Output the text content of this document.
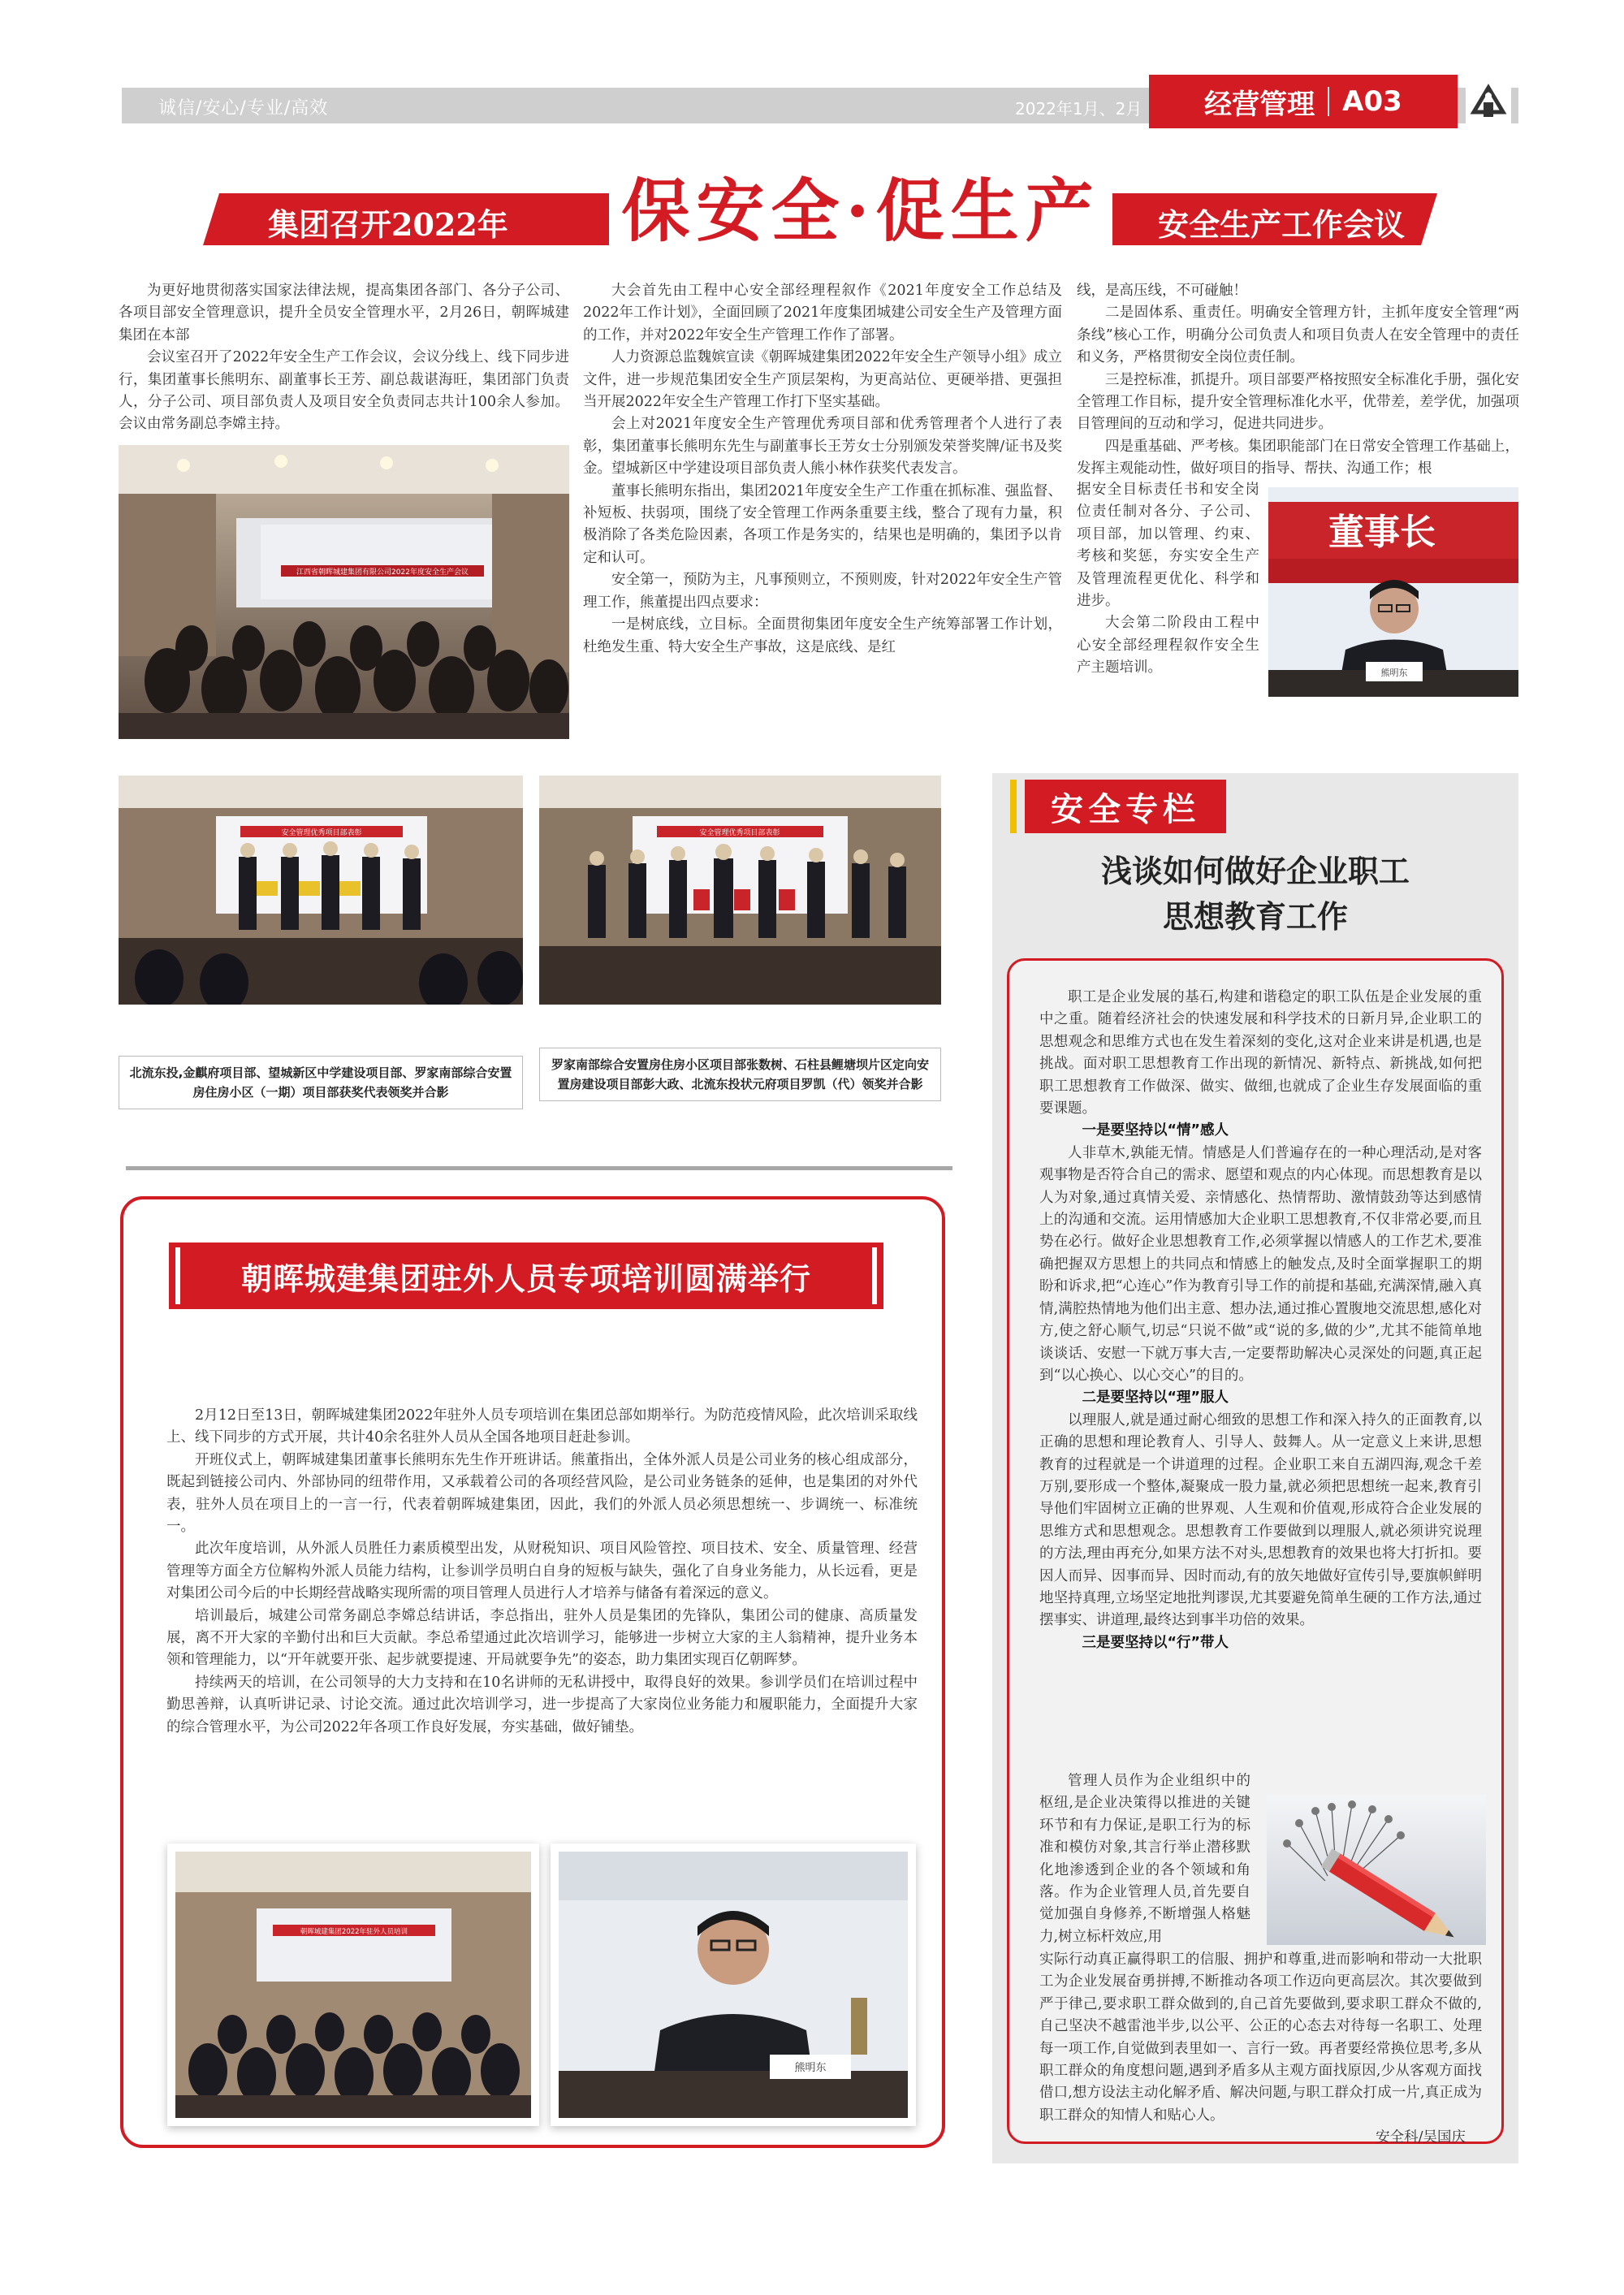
诚信/安心/专业/高效	2022年1月、2月 经营管理 A03
集团召开2022年	安全生产工作会议
保安全·促生产

为更好地贯彻落实国家法律法规，提高集团各部门、各分子公司、各项目部安全管理意识，提升全员安全管理水平，2月26日，朝晖城建集团在本部

会议室召开了2022年安全生产工作会议，会议分线上、线下同步进行，集团董事长熊明东、副董事长王芳、副总裁谌海旺，集团部门负责人，分子公司、项目部负责人及项目安全负责同志共计100余人参加。会议由常务副总李嫦主持。

大会首先由工程中心安全部经理程叙作《2021年度安全工作总结及2022年工作计划》，全面回顾了2021年度集团城建公司安全生产及管理方面的工作，并对2022年安全生产管理工作作了部署。

人力资源总监魏嫔宣读《朝晖城建集团2022年安全生产领导小组》成立文件，进一步规范集团安全生产顶层架构，为更高站位、更硬举措、更强担当开展2022年安全生产管理工作打下坚实基础。

会上对2021年度安全生产管理优秀项目部和优秀管理者个人进行了表彰，集团董事长熊明东先生与副董事长王芳女士分别颁发荣誉奖牌/证书及奖金。望城新区中学建设项目部负责人熊小林作获奖代表发言。

董事长熊明东指出，集团2021年度安全生产工作重在抓标准、强监督、补短板、扶弱项，围绕了安全管理工作两条重要主线，整合了现有力量，积极消除了各类危险因素，各项工作是务实的，结果也是明确的，集团予以肯定和认可。

安全第一，预防为主，凡事预则立，不预则废，针对2022年安全生产管理工作，熊董提出四点要求：

一是树底线，立目标。全面贯彻集团年度安全生产统筹部署工作计划，杜绝发生重、特大安全生产事故，这是底线、是红

线，是高压线，不可碰触！

二是固体系、重责任。明确安全管理方针，主抓年度安全管理“两条线”核心工作，明确分公司负责人和项目负责人在安全管理中的责任和义务，严格贯彻安全岗位责任制。

三是控标准，抓提升。项目部要严格按照安全标准化手册，强化安全管理工作目标，提升安全管理标准化水平，优带差，差学优，加强项目管理间的互动和学习，促进共同进步。

四是重基础、严考核。集团职能部门在日常安全管理工作基础上，发挥主观能动性，做好项目的指导、帮扶、沟通工作；根

据安全目标责任书和安全岗位责任制对各分、子公司、项目部，加以管理、约束、考核和奖惩，夯实安全生产及管理流程更优化、科学和进步。

大会第二阶段由工程中心安全部经理程叙作安全生产主题培训。

江西省朝晖城建集团有限公司2022年度安全生产会议
董事长
熊明东
安全管理优秀项目部表彰	安全管理优秀项目部表彰
北流东投,金麒府项目部、望城新区中学建设项目部、罗家南部综合安置房住房小区（一期）项目部获奖代表领奖并合影
罗家南部综合安置房住房小区项目部张数树、石柱县鲤塘坝片区定向安置房建设项目部彭大政、北流东投状元府项目罗凯（代）领奖并合影
朝晖城建集团驻外人员专项培训圆满举行

2月12日至13日，朝晖城建集团2022年驻外人员专项培训在集团总部如期举行。为防范疫情风险，此次培训采取线上、线下同步的方式开展，共计40余名驻外人员从全国各地项目赶赴参训。

开班仪式上，朝晖城建集团董事长熊明东先生作开班讲话。熊董指出，全体外派人员是公司业务的核心组成部分，既起到链接公司内、外部协同的纽带作用，又承载着公司的各项经营风险，是公司业务链条的延伸，也是集团的对外代表，驻外人员在项目上的一言一行，代表着朝晖城建集团，因此，我们的外派人员必须思想统一、步调统一、标准统一。

此次年度培训，从外派人员胜任力素质模型出发，从财税知识、项目风险管控、项目技术、安全、质量管理、经营管理等方面全方位解构外派人员能力结构，让参训学员明白自身的短板与缺失，强化了自身业务能力，从长远看，更是对集团公司今后的中长期经营战略实现所需的项目管理人员进行人才培养与储备有着深远的意义。

培训最后，城建公司常务副总李嫦总结讲话，李总指出，驻外人员是集团的先锋队，集团公司的健康、高质量发展，离不开大家的辛勤付出和巨大贡献。李总希望通过此次培训学习，能够进一步树立大家的主人翁精神，提升业务本领和管理能力，以“开年就要开张、起步就要提速、开局就要争先”的姿态，助力集团实现百亿朝晖梦。

持续两天的培训，在公司领导的大力支持和在10名讲师的无私讲授中，取得良好的效果。参训学员们在培训过程中勤思善辩，认真听讲记录、讨论交流。通过此次培训学习，进一步提高了大家岗位业务能力和履职能力，全面提升大家的综合管理水平，为公司2022年各项工作良好发展，夯实基础，做好铺垫。

朝晖城建集团2022年驻外人员培训
熊明东
安全专栏
浅谈如何做好企业职工
思想教育工作

职工是企业发展的基石,构建和谐稳定的职工队伍是企业发展的重中之重。随着经济社会的快速发展和科学技术的日新月异,企业职工的思想观念和思维方式也在发生着深刻的变化,这对企业来讲是机遇,也是挑战。面对职工思想教育工作出现的新情况、新特点、新挑战,如何把职工思想教育工作做深、做实、做细,也就成了企业生存发展面临的重要课题。

一是要坚持以“情”感人

人非草木,孰能无情。情感是人们普遍存在的一种心理活动,是对客观事物是否符合自己的需求、愿望和观点的内心体现。而思想教育是以人为对象,通过真情关爱、亲情感化、热情帮助、激情鼓劲等达到感情上的沟通和交流。运用情感加大企业职工思想教育,不仅非常必要,而且势在必行。做好企业思想教育工作,必须掌握以情感人的工作艺术,要准确把握双方思想上的共同点和情感上的触发点,及时全面掌握职工的期盼和诉求,把“心连心”作为教育引导工作的前提和基础,充满深情,融入真情,满腔热情地为他们出主意、想办法,通过推心置腹地交流思想,感化对方,使之舒心顺气,切忌“只说不做”或“说的多,做的少”,尤其不能简单地谈谈话、安慰一下就万事大吉,一定要帮助解决心灵深处的问题,真正起到“以心换心、以心交心”的目的。

二是要坚持以“理”服人

以理服人,就是通过耐心细致的思想工作和深入持久的正面教育,以正确的思想和理论教育人、引导人、鼓舞人。从一定意义上来讲,思想教育的过程就是一个讲道理的过程。企业职工来自五湖四海,观念千差万别,要形成一个整体,凝聚成一股力量,就必须把思想统一起来,教育引导他们牢固树立正确的世界观、人生观和价值观,形成符合企业发展的思维方式和思想观念。思想教育工作要做到以理服人,就必须讲究说理的方法,理由再充分,如果方法不对头,思想教育的效果也将大打折扣。要因人而异、因事而异、因时而动,有的放矢地做好宣传引导,要旗帜鲜明地坚持真理,立场坚定地批判谬误,尤其要避免简单生硬的工作方法,通过摆事实、讲道理,最终达到事半功倍的效果。

三是要坚持以“行”带人

管理人员作为企业组织中的枢纽,是企业决策得以推进的关键环节和有力保证,是职工行为的标准和模仿对象,其言行举止潜移默化地渗透到企业的各个领域和角落。作为企业管理人员,首先要自觉加强自身修养,不断增强人格魅力,树立标杆效应,用

实际行动真正赢得职工的信服、拥护和尊重,进而影响和带动一大批职工为企业发展奋勇拼搏,不断推动各项工作迈向更高层次。其次要做到严于律己,要求职工群众做到的,自己首先要做到,要求职工群众不做的,自己坚决不越雷池半步,以公平、公正的心态去对待每一名职工、处理每一项工作,自觉做到表里如一、言行一致。再者要经常换位思考,多从职工群众的角度想问题,遇到矛盾多从主观方面找原因,少从客观方面找借口,想方设法主动化解矛盾、解决问题,与职工群众打成一片,真正成为职工群众的知情人和贴心人。

安全科/吴国庆
